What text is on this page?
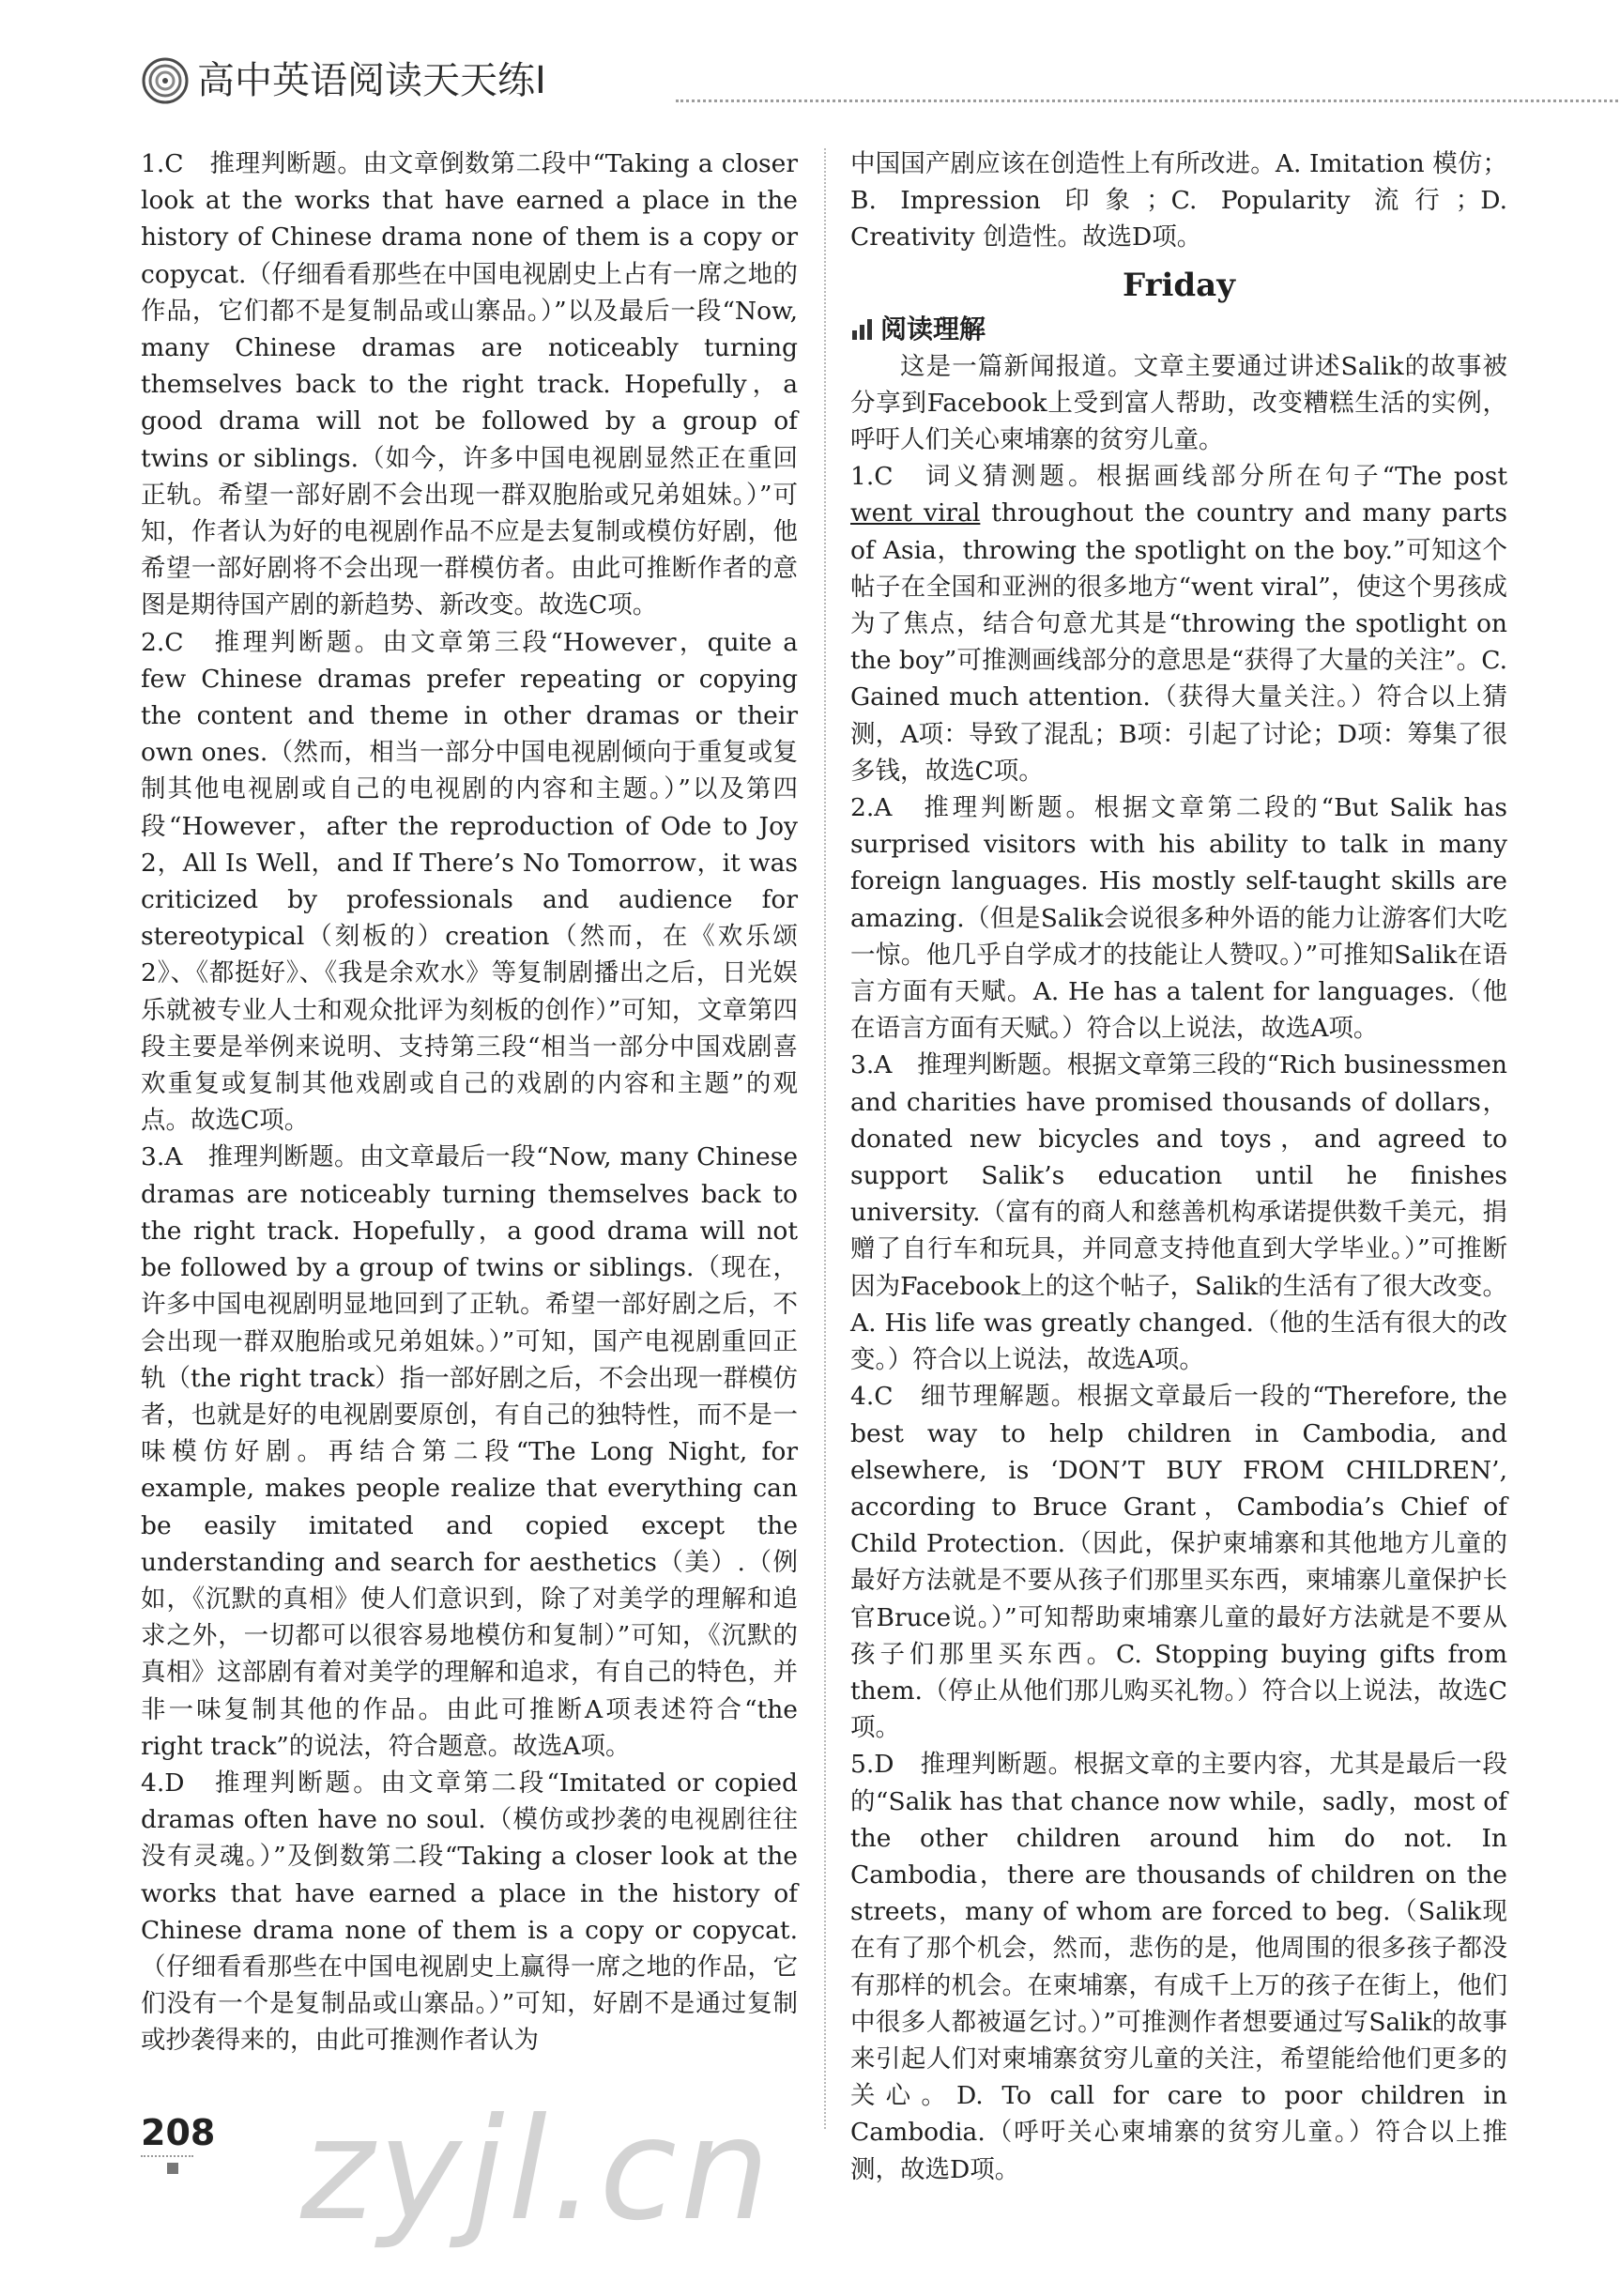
高中英语阅读天天练Ⅰ

1.C　推理判断题。由文章倒数第二段中“Taking a closer look at the works that have earned a place in the history of Chinese drama none of them is a copy or copycat.（仔细看看那些在中国电视剧史上占有一席之地的作品，它们都不是复制品或山寨品。）”以及最后一段“Now, many Chinese dramas are noticeably turning themselves back to the right track. Hopefully，a good drama will not be followed by a group of twins or siblings.（如今，许多中国电视剧显然正在重回正轨。希望一部好剧不会出现一群双胞胎或兄弟姐妹。）”可知，作者认为好的电视剧作品不应是去复制或模仿好剧，他希望一部好剧将不会出现一群模仿者。由此可推断作者的意图是期待国产剧的新趋势、新改变。故选C项。

2.C　推理判断题。由文章第三段“However，quite a few Chinese dramas prefer repeating or copying the content and theme in other dramas or their own ones.（然而，相当一部分中国电视剧倾向于重复或复制其他电视剧或自己的电视剧的内容和主题。）”以及第四段“However，after the reproduction of Ode to Joy 2，All Is Well，and If There’s No Tomorrow，it was criticized by professionals and audience for stereotypical（刻板的）creation（然而，在《欢乐颂2》、《都挺好》、《我是余欢水》等复制剧播出之后，日光娱乐就被专业人士和观众批评为刻板的创作）”可知，文章第四段主要是举例来说明、支持第三段“相当一部分中国戏剧喜欢重复或复制其他戏剧或自己的戏剧的内容和主题”的观点。故选C项。

3.A　推理判断题。由文章最后一段“Now, many Chinese dramas are noticeably turning themselves back to the right track. Hopefully，a good drama will not be followed by a group of twins or siblings.（现在，许多中国电视剧明显地回到了正轨。希望一部好剧之后，不会出现一群双胞胎或兄弟姐妹。）”可知，国产电视剧重回正轨（the right track）指一部好剧之后，不会出现一群模仿者，也就是好的电视剧要原创，有自己的独特性，而不是一味模仿好剧。再结合第二段“The Long Night, for example, makes people realize that everything can be easily imitated and copied except the understanding and search for aesthetics（美）.（例如，《沉默的真相》使人们意识到，除了对美学的理解和追求之外，一切都可以很容易地模仿和复制）”可知，《沉默的真相》这部剧有着对美学的理解和追求，有自己的特色，并非一味复制其他的作品。由此可推断A项表述符合“the right track”的说法，符合题意。故选A项。

4.D　推理判断题。由文章第二段“Imitated or copied dramas often have no soul.（模仿或抄袭的电视剧往往没有灵魂。）”及倒数第二段“Taking a closer look at the works that have earned a place in the history of Chinese drama none of them is a copy or copycat.（仔细看看那些在中国电视剧史上赢得一席之地的作品，它们没有一个是复制品或山寨品。）”可知，好剧不是通过复制或抄袭得来的，由此可推测作者认为

中国国产剧应该在创造性上有所改进。A. Imitation 模仿；B. Impression 印象；C. Popularity 流行；D. Creativity 创造性。故选D项。

Friday
阅读理解

这是一篇新闻报道。文章主要通过讲述Salik的故事被分享到Facebook上受到富人帮助，改变糟糕生活的实例，呼吁人们关心柬埔寨的贫穷儿童。

1.C　词义猜测题。根据画线部分所在句子“The post went viral throughout the country and many parts of Asia，throwing the spotlight on the boy.”可知这个帖子在全国和亚洲的很多地方“went viral”，使这个男孩成为了焦点，结合句意尤其是“throwing the spotlight on the boy”可推测画线部分的意思是“获得了大量的关注”。C. Gained much attention.（获得大量关注。）符合以上猜测，A项：导致了混乱；B项：引起了讨论；D项：筹集了很多钱，故选C项。

2.A　推理判断题。根据文章第二段的“But Salik has surprised visitors with his ability to talk in many foreign languages. His mostly self-taught skills are amazing.（但是Salik会说很多种外语的能力让游客们大吃一惊。他几乎自学成才的技能让人赞叹。）”可推知Salik在语言方面有天赋。A. He has a talent for languages.（他在语言方面有天赋。）符合以上说法，故选A项。

3.A　推理判断题。根据文章第三段的“Rich businessmen and charities have promised thousands of dollars，donated new bicycles and toys，and agreed to support Salik’s education until he finishes university.（富有的商人和慈善机构承诺提供数千美元，捐赠了自行车和玩具，并同意支持他直到大学毕业。）”可推断因为Facebook上的这个帖子，Salik的生活有了很大改变。A. His life was greatly changed.（他的生活有很大的改变。）符合以上说法，故选A项。

4.C　细节理解题。根据文章最后一段的“Therefore, the best way to help children in Cambodia, and elsewhere, is ‘DON’T BUY FROM CHILDREN’, according to Bruce Grant，Cambodia’s Chief of Child Protection.（因此，保护柬埔寨和其他地方儿童的最好方法就是不要从孩子们那里买东西，柬埔寨儿童保护长官Bruce说。）”可知帮助柬埔寨儿童的最好方法就是不要从孩子们那里买东西。C. Stopping buying gifts from them.（停止从他们那儿购买礼物。）符合以上说法，故选C项。

5.D　推理判断题。根据文章的主要内容，尤其是最后一段的“Salik has that chance now while，sadly，most of the other children around him do not. In Cambodia，there are thousands of children on the streets，many of whom are forced to beg.（Salik现在有了那个机会，然而，悲伤的是，他周围的很多孩子都没有那样的机会。在柬埔寨，有成千上万的孩子在街上，他们中很多人都被逼乞讨。）”可推测作者想要通过写Salik的故事来引起人们对柬埔寨贫穷儿童的关注，希望能给他们更多的关心。D. To call for care to poor children in Cambodia.（呼吁关心柬埔寨的贫穷儿童。）符合以上推测，故选D项。

zyjl.cn
208
